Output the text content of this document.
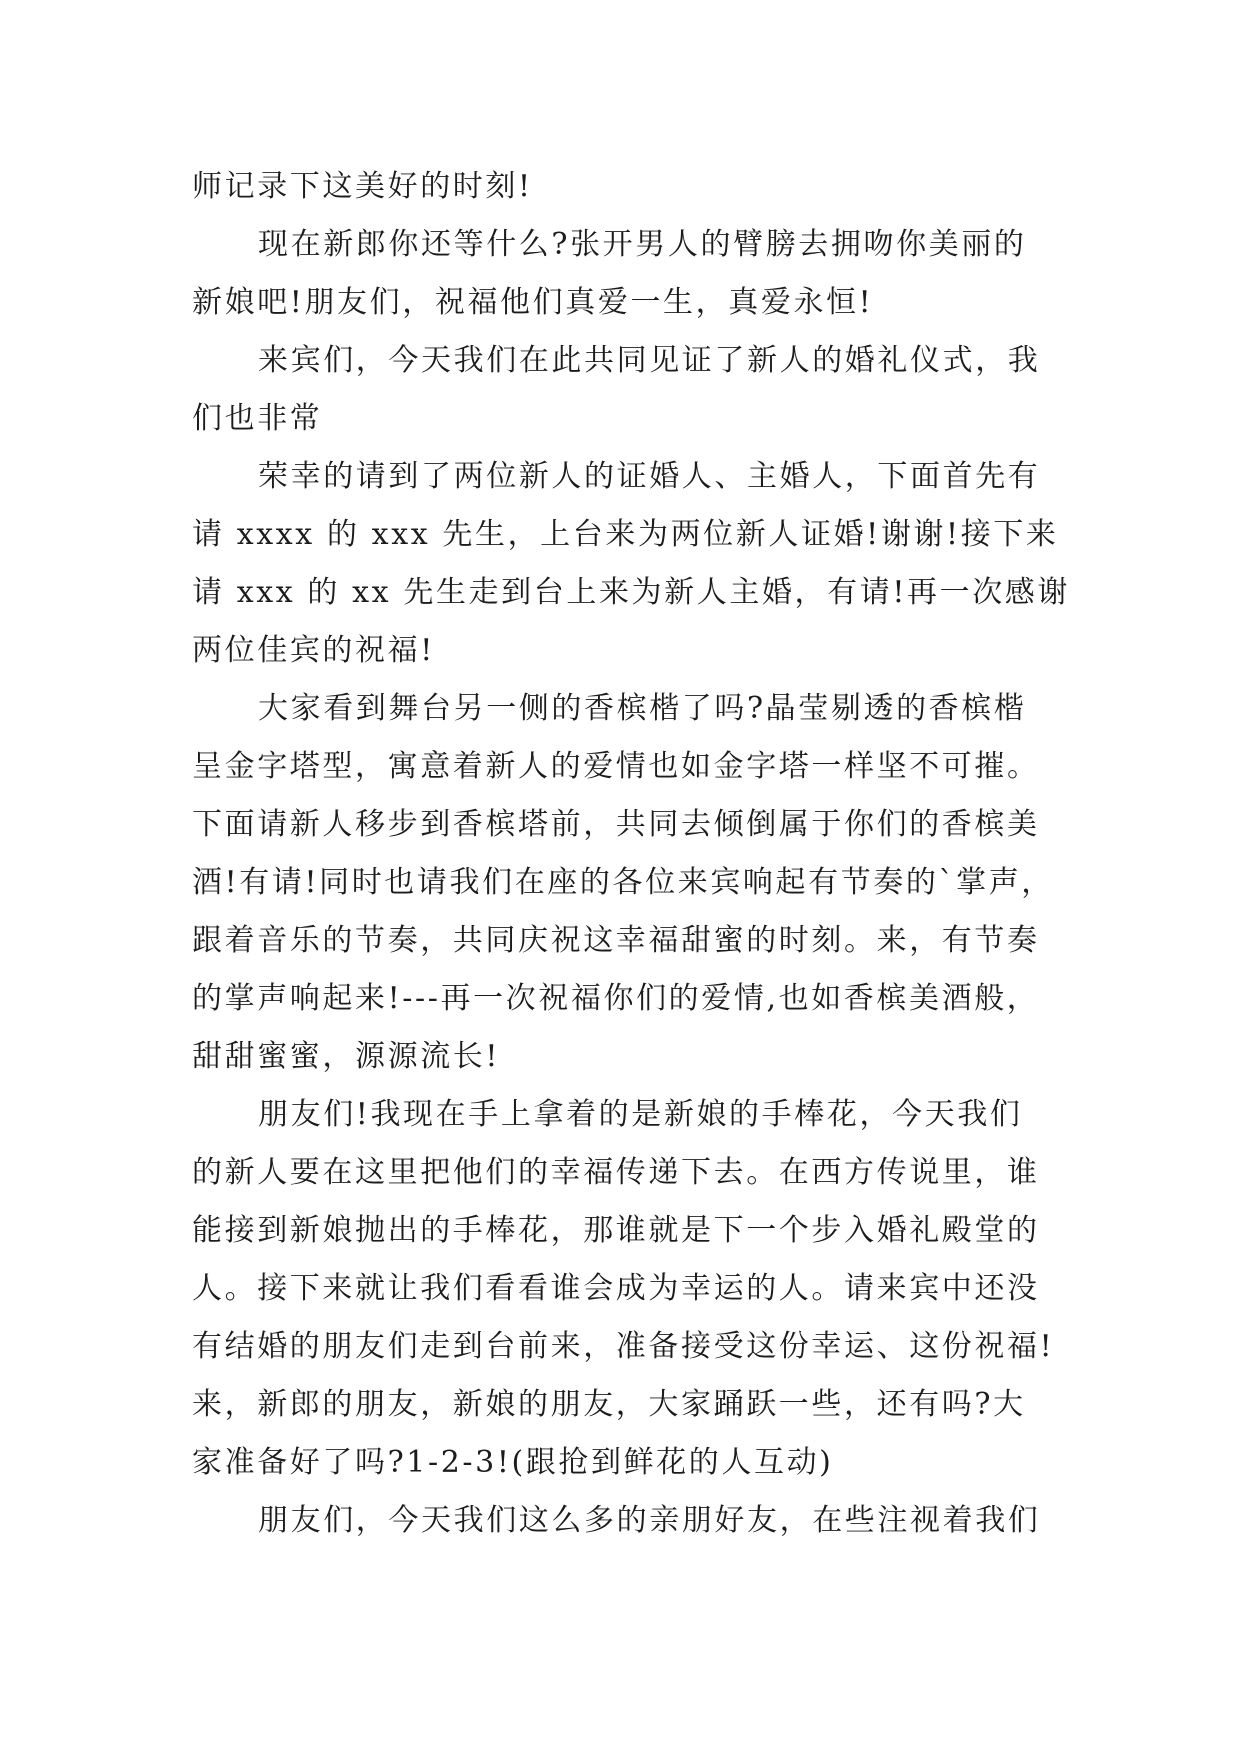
师记录下这美好的时刻!
现在新郎你还等什么?张开男人的臂膀去拥吻你美丽的
新娘吧!朋友们，祝福他们真爱一生，真爱永恒!
来宾们，今天我们在此共同见证了新人的婚礼仪式，我
们也非常
荣幸的请到了两位新人的证婚人、主婚人，下面首先有
请 xxxx 的 xxx 先生，上台来为两位新人证婚!谢谢!接下来
请 xxx 的 xx 先生走到台上来为新人主婚，有请!再一次感谢
两位佳宾的祝福!
大家看到舞台另一侧的香槟楷了吗?晶莹剔透的香槟楷
呈金字塔型，寓意着新人的爱情也如金字塔一样坚不可摧。
下面请新人移步到香槟塔前，共同去倾倒属于你们的香槟美
酒!有请!同时也请我们在座的各位来宾响起有节奏的`掌声，
跟着音乐的节奏，共同庆祝这幸福甜蜜的时刻。来，有节奏
的掌声响起来!---再一次祝福你们的爱情,也如香槟美酒般，
甜甜蜜蜜，源源流长!
朋友们!我现在手上拿着的是新娘的手棒花，今天我们
的新人要在这里把他们的幸福传递下去。在西方传说里，谁
能接到新娘抛出的手棒花，那谁就是下一个步入婚礼殿堂的
人。接下来就让我们看看谁会成为幸运的人。请来宾中还没
有结婚的朋友们走到台前来，准备接受这份幸运、这份祝福!
来，新郎的朋友，新娘的朋友，大家踊跃一些，还有吗?大
家准备好了吗?1-2-3!(跟抢到鲜花的人互动)
朋友们，今天我们这么多的亲朋好友，在些注视着我们
